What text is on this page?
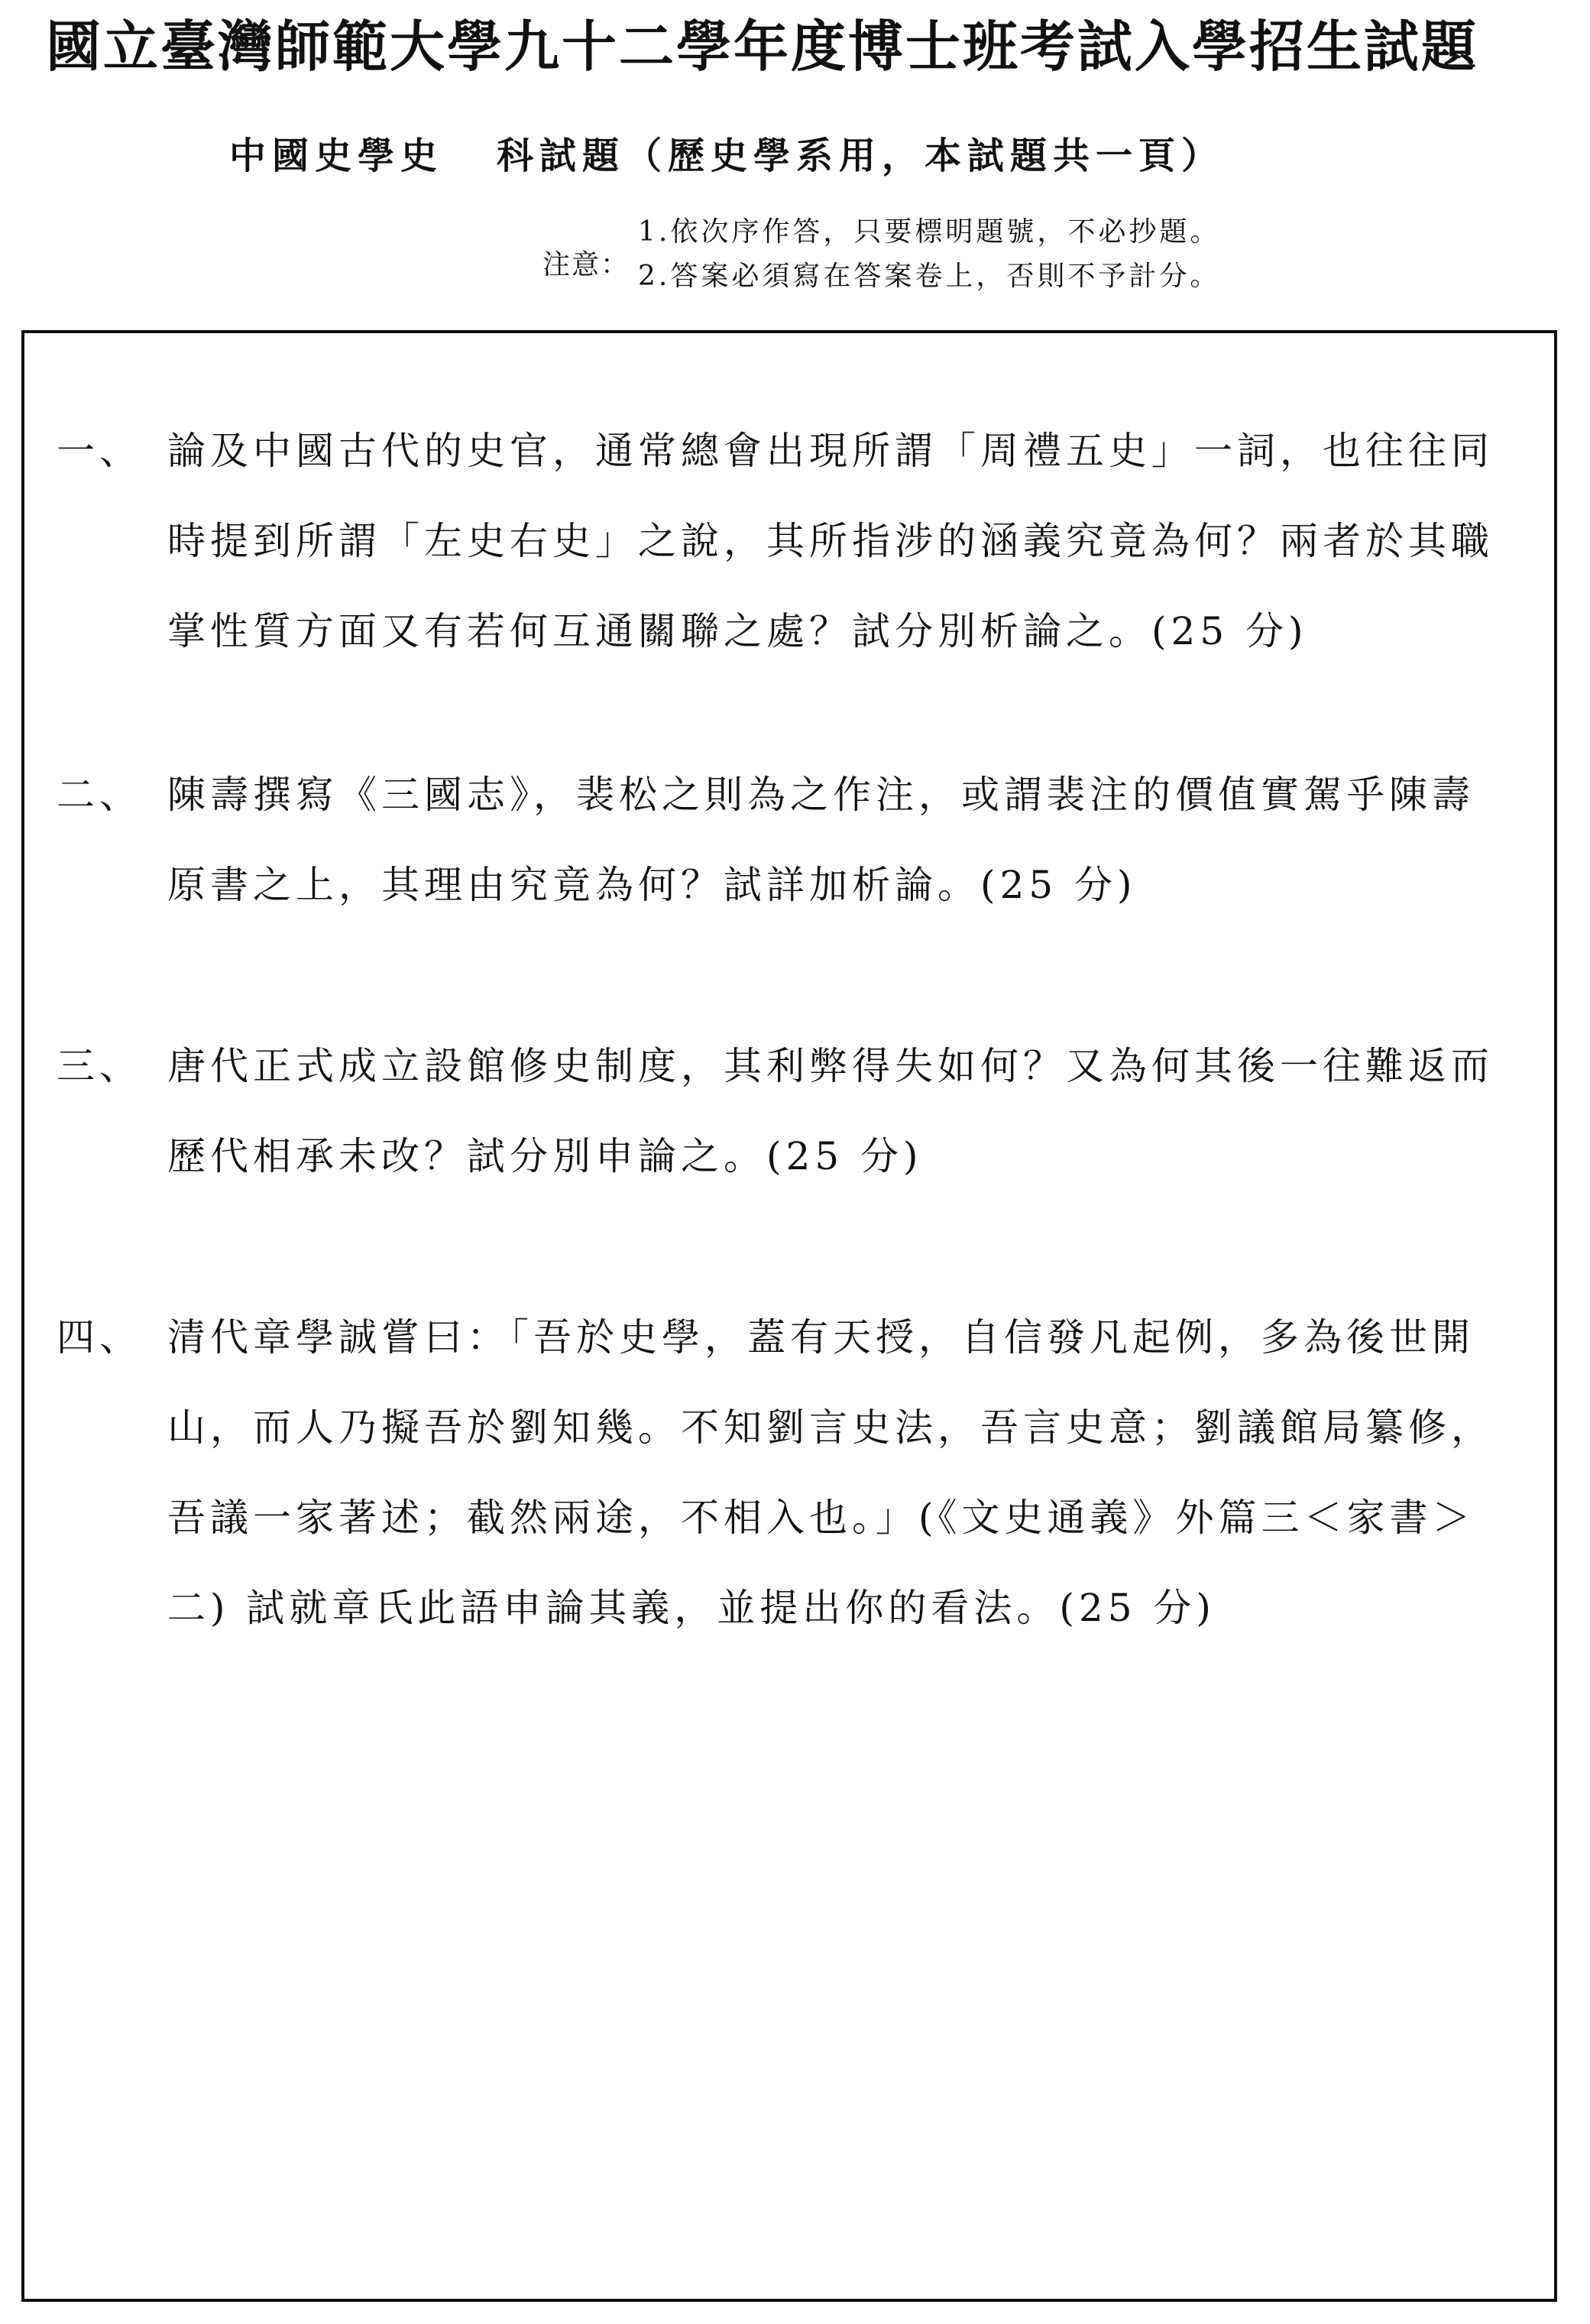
國立臺灣師範大學九十二學年度博士班考試入學招生試題
中國史學史 科試題（歷史學系用，本試題共一頁）
注意：
1.依次序作答，只要標明題號，不必抄題。
2.答案必須寫在答案卷上，否則不予計分。
一、 論及中國古代的史官，通常總會出現所謂「周禮五史」一詞，也往往同
時提到所謂「左史右史」之說，其所指涉的涵義究竟為何？兩者於其職
掌性質方面又有若何互通關聯之處？試分別析論之。(25 分)
二、 陳壽撰寫《三國志》，裴松之則為之作注，或謂裴注的價值實駕乎陳壽
原書之上，其理由究竟為何？試詳加析論。(25 分)
三、 唐代正式成立設館修史制度，其利弊得失如何？又為何其後一往難返而
歷代相承未改？試分別申論之。(25 分)
四、 清代章學誠嘗曰：「吾於史學，蓋有天授，自信發凡起例，多為後世開
山，而人乃擬吾於劉知幾。不知劉言史法，吾言史意；劉議館局纂修，
吾議一家著述；截然兩途，不相入也。」(《文史通義》外篇三＜家書＞
二) 試就章氏此語申論其義，並提出你的看法。(25 分)
